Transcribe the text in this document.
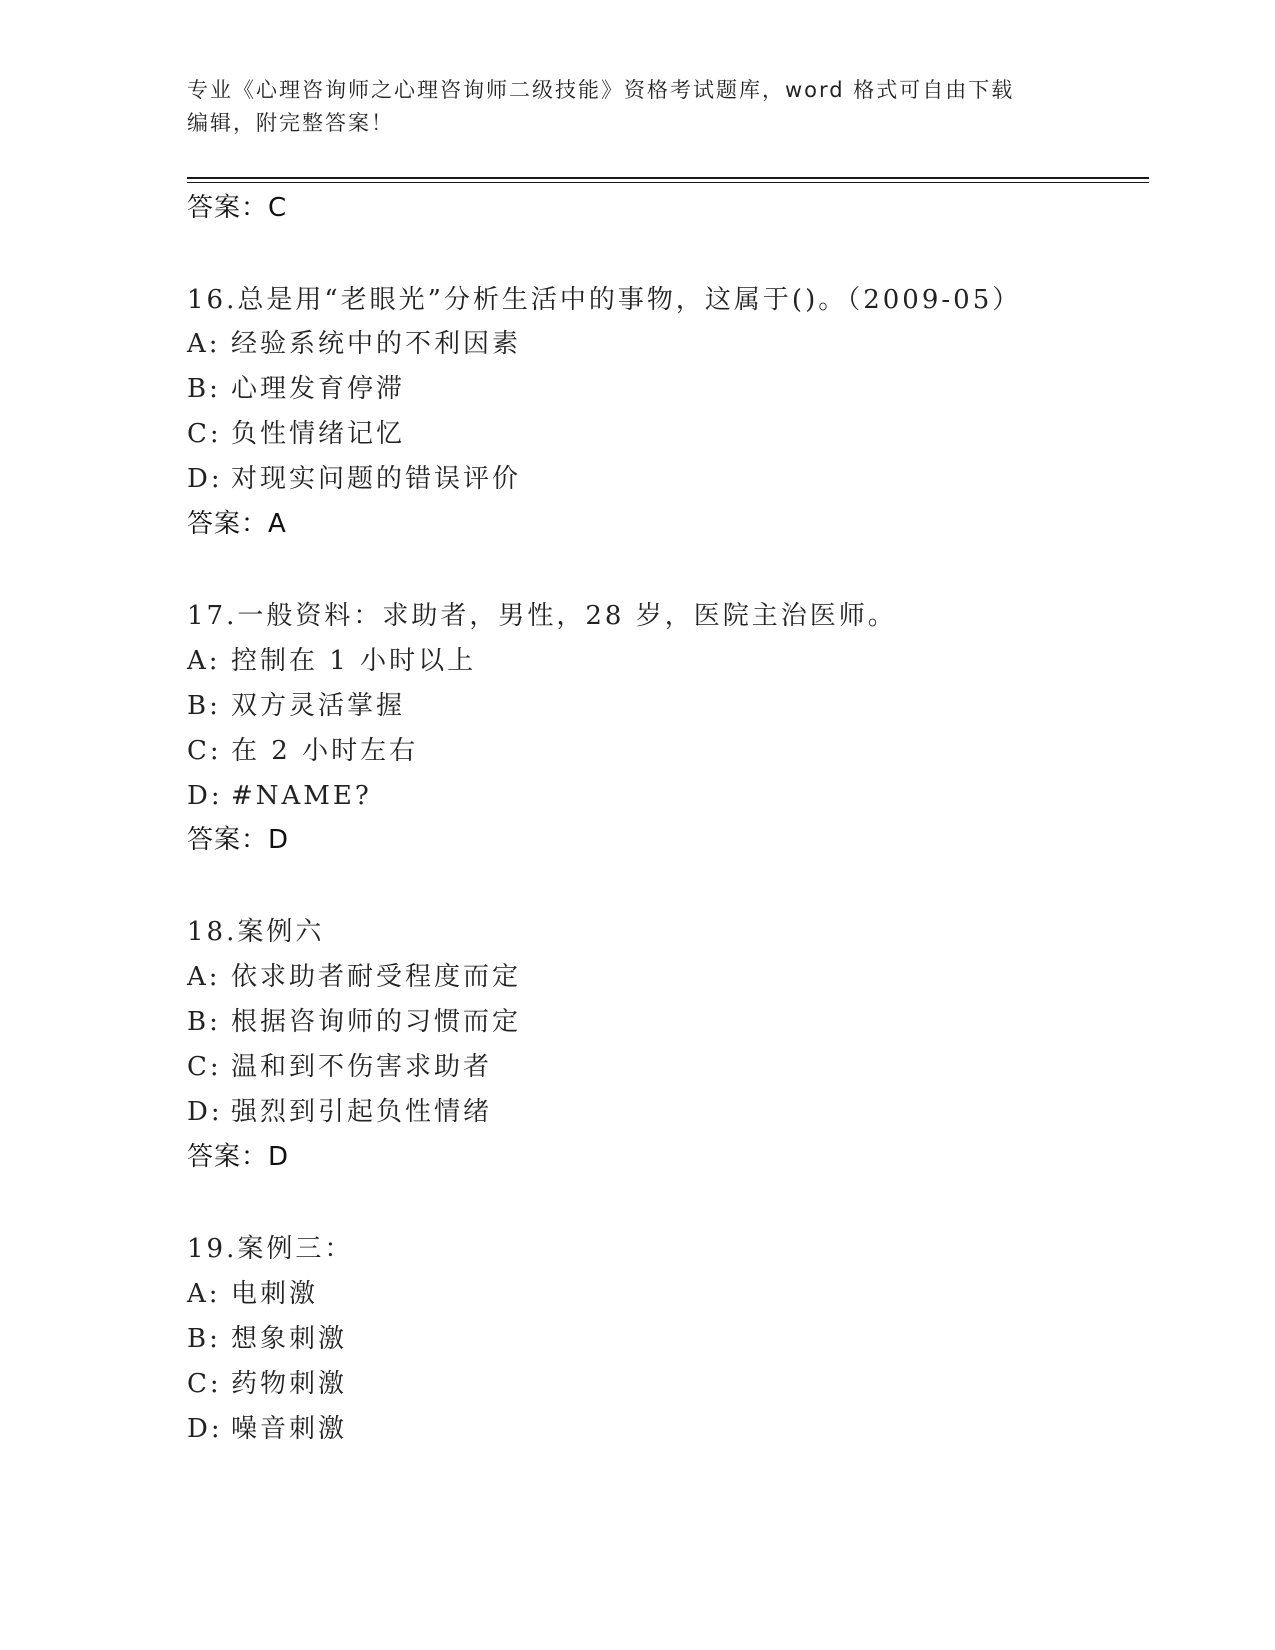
专业《心理咨询师之心理咨询师二级技能》资格考试题库，word 格式可自由下载
编辑，附完整答案！
答案：C
16.总是用“老眼光”分析生活中的事物，这属于()。（2009-05）
A: 经验系统中的不利因素
B: 心理发育停滞
C: 负性情绪记忆
D: 对现实问题的错误评价
答案：A
17.一般资料：求助者，男性，28 岁，医院主治医师。
A: 控制在 1 小时以上
B: 双方灵活掌握
C: 在 2 小时左右
D: #NAME?
答案：D
18.案例六
A: 依求助者耐受程度而定
B: 根据咨询师的习惯而定
C: 温和到不伤害求助者
D: 强烈到引起负性情绪
答案：D
19.案例三：
A: 电刺激
B: 想象刺激
C: 药物刺激
D: 噪音刺激
